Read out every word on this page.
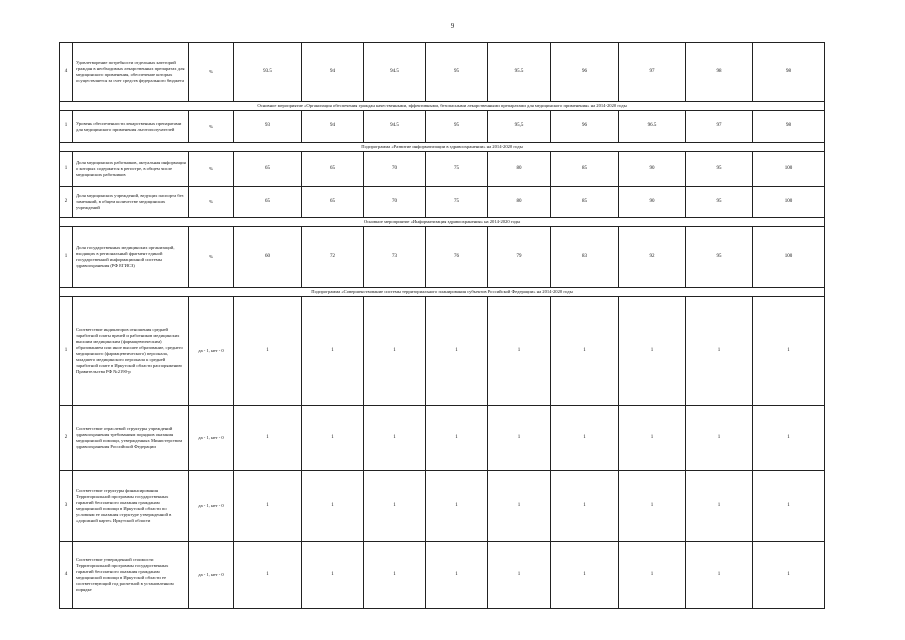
9
4	Удовлетворение потребности отдельных категорий граждан в необходимых лекарственных препаратах для медицинского применения, обеспечение которых осуществляется за счет средств федерального бюджета	%	93.5	94	94.5	95	95.5	96	97	98	98
Основное мероприятие «Организация обеспечения граждан качественными, эффективными, безопасными лекарственными препаратами для медицинского применения» на 2014-2020 годы											
1	Уровень обеспеченности лекарственных препаратами для медицинского применения льготополучателей	%	93	94	94.5	95	95,5	96	96.5	97	98
Подпрограмма «Развитие информатизации в здравоохранении» на 2014-2020 годы											
1	Доля медицинских работников, актуальная информация о которых содержится в регистре, в общем числе медицинских работников	%	65	65	70	75	80	85	90	95	100
2	Доля медицинских учреждений, ведущих паспорта без замечаний, в общем количестве медицинских учреждений	%	65	65	70	75	80	85	90	95	100
Основное мероприятие «Информатизация здравоохранения» на 2014-2020 годы											
1	Доля государственных медицинских организаций, входящих в региональный фрагмент единой государственной информационной системы здравоохранения (РФ ЕГИСЗ)	%	60	72	73	76	79	83	92	95	100
Подпрограмма «Совершенствование системы территориального планирования субъектов Российской Федерации» на 2014-2020 годы											
1	Соответствие индикаторов отношения средней заработной платы врачей и работников медицинских высшим медицинским (фармацевтическим) образованием или иное высшее образование, среднего медицинского (фармацевтического) персонала, младшего медицинского персонала к средней заработной плате в Иркутской области распоряжению Правительства РФ №2190-р	да - 1, нет - 0	1	1	1	1	1	1	1	1	1
2	Соответствие отраслевой структуры учреждений здравоохранения требованиям порядков оказания медицинской помощи, утвержденных Министерством здравоохранения Российской Федерации	да - 1, нет - 0	1	1	1	1	1	1	1	1	1
3	Соответствие структуры финансирования Территориальной программы государственных гарантий бесплатного оказания гражданам медицинской помощи в Иркутской области по условиям ее оказания структуре утвержденной в «дорожной карте» Иркутской области	да - 1, нет - 0	1	1	1	1	1	1	1	1	1
4	Соответствие утвержденной стоимости Территориальной программы государственных гарантий бесплатного оказания гражданам медицинской помощи в Иркутской области ее соответствующий год расчетной в установленном порядке	да - 1, нет - 0	1	1	1	1	1	1	1	1	1
